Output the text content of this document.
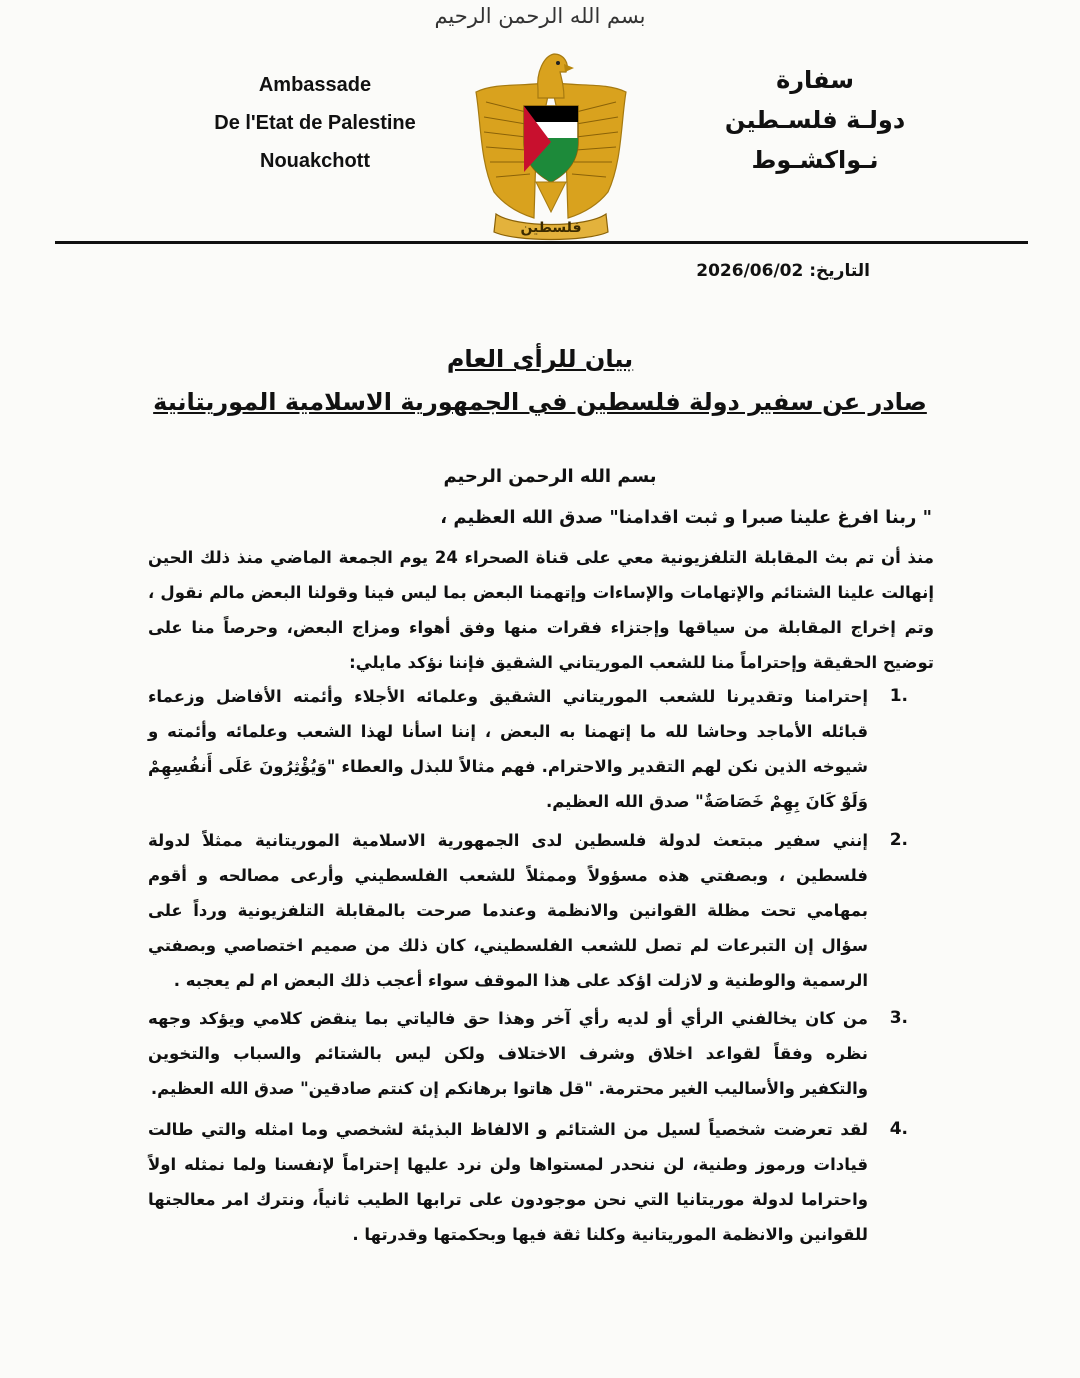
بسم الله الرحمن الرحيم
Ambassade
De l'Etat de Palestine
Nouakchott
فلسطين
سفارة
دولـة فلسـطين
نـواكشـوط
التاريخ: 2026/06/02
بيان للرأى العام
صادر عن سفير دولة فلسطين في الجمهورية الاسلامية الموريتانية
بسم الله الرحمن الرحيم
" ربنا افرغ علينا صبرا و ثبت اقدامنا" صدق الله العظيم ،
منذ أن تم بث المقابلة التلفزيونية معي على قناة الصحراء 24 يوم الجمعة الماضي منذ ذلك الحين إنهالت علينا الشتائم والإتهامات والإساءات وإتهمنا البعض بما ليس فينا وقولنا البعض مالم نقول ، وتم إخراج المقابلة من سياقها وإجتزاء فقرات منها وفق أهواء ومزاج البعض، وحرصاً منا على توضيح الحقيقة وإحتراماً منا للشعب الموريتاني الشقيق فإننا نؤكد مايلي:
.1
إحترامنا وتقديرنا للشعب الموريتاني الشقيق وعلمائه الأجلاء وأئمته الأفاضل وزعماء قبائله الأماجد وحاشا لله ما إتهمنا به البعض ، إننا اسأنا لهذا الشعب وعلمائه وأئمته و شيوخه الذين نكن لهم التقدير والاحترام. فهم مثالاً للبذل والعطاء "وَيُؤْثِرُونَ عَلَى أَنفُسِهِمْ وَلَوْ كَانَ بِهِمْ خَصَاصَةٌ" صدق الله العظيم.
.2
إنني سفير مبتعث لدولة فلسطين لدى الجمهورية الاسلامية الموريتانية ممثلاً لدولة فلسطين ، وبصفتي هذه مسؤولاً وممثلاً للشعب الفلسطيني وأرعى مصالحه و أقوم بمهامي تحت مظلة القوانين والانظمة وعندما صرحت بالمقابلة التلفزيونية ورداً على سؤال إن التبرعات لم تصل للشعب الفلسطيني، كان ذلك من صميم اختصاصي وبصفتي الرسمية والوطنية و لازلت اؤكد على هذا الموقف سواء أعجب ذلك البعض ام لم يعجبه .
.3
من كان يخالفني الرأي أو لديه رأي آخر وهذا حق فالياتي بما ينقض كلامي ويؤكد وجهه نظره وفقاً لقواعد اخلاق وشرف الاختلاف ولكن ليس بالشتائم والسباب والتخوين والتكفير والأساليب الغير محترمة. "قل هاتوا برهانكم إن كنتم صادقين" صدق الله العظيم.
.4
لقد تعرضت شخصياً لسيل من الشتائم و الالفاظ البذيئة لشخصي وما امثله والتي طالت قيادات ورموز وطنية، لن ننحدر لمستواها ولن نرد عليها إحتراماً لإنفسنا ولما نمثله اولاً واحتراما لدولة موريتانيا التي نحن موجودون على ترابها الطيب ثانياً، ونترك امر معالجتها للقوانين والانظمة الموريتانية وكلنا ثقة فيها وبحكمتها وقدرتها .
